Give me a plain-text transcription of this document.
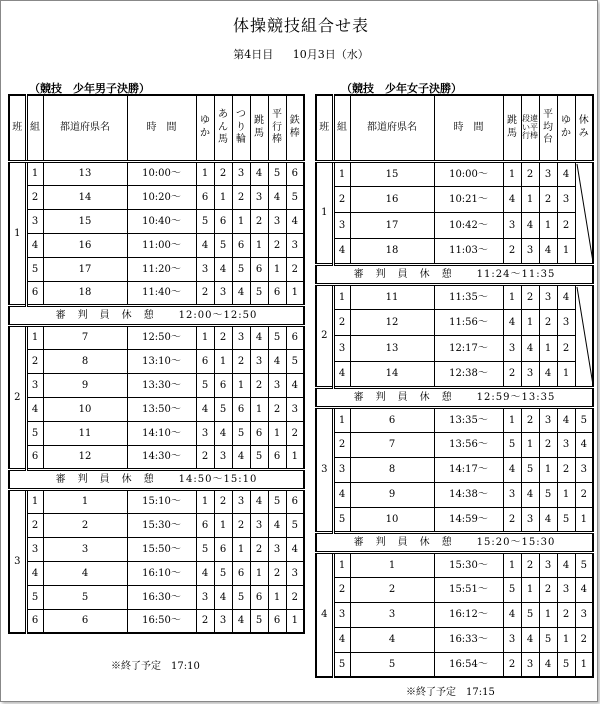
体操競技組合せ表
第4日目 10月3日（水）
（競技　少年男子決勝）	（競技　少年女子決勝）
班	組	都道府県名	時　間	ゆか	あん馬	つり輪	跳馬	平行棒	鉄棒
1	1	13	10:00〜	1	2	3	4	5	6
	2	14	10:20〜	6	1	2	3	4	5
	3	15	10:40〜	5	6	1	2	3	4
	4	16	11:00〜	4	5	6	1	2	3
	5	17	11:20〜	3	4	5	6	1	2
	6	18	11:40〜	2	3	4	5	6	1
審　判　員　休　憩 12:00〜12:50									
2	1	7	12:50〜	1	2	3	4	5	6
	2	8	13:10〜	6	1	2	3	4	5
	3	9	13:30〜	5	6	1	2	3	4
	4	10	13:50〜	4	5	6	1	2	3
	5	11	14:10〜	3	4	5	6	1	2
	6	12	14:30〜	2	3	4	5	6	1
審　判　員　休　憩 14:50〜15:10									
3	1	1	15:10〜	1	2	3	4	5	6
	2	2	15:30〜	6	1	2	3	4	5
	3	3	15:50〜	5	6	1	2	3	4
	4	4	16:10〜	4	5	6	1	2	3
	5	5	16:30〜	3	4	5	6	1	2
	6	6	16:50〜	2	3	4	5	6	1
班	組	都道府県名	時　間	跳馬	段違い平行棒	平均台	ゆか	休み
1	1	15	10:00〜	1	2	3	4	

	2	16	10:21〜	4	1	2	3	
	3	17	10:42〜	3	4	1	2	
	4	18	11:03〜	2	3	4	1	
審　判　員　休　憩 11:24〜11:35								
2	1	11	11:35〜	1	2	3	4	

	2	12	11:56〜	4	1	2	3	
	3	13	12:17〜	3	4	1	2	
	4	14	12:38〜	2	3	4	1	
審　判　員　休　憩 12:59〜13:35								
3	1	6	13:35〜	1	2	3	4	5
	2	7	13:56〜	5	1	2	3	4
	3	8	14:17〜	4	5	1	2	3
	4	9	14:38〜	3	4	5	1	2
	5	10	14:59〜	2	3	4	5	1
審　判　員　休　憩 15:20〜15:30								
4	1	1	15:30〜	1	2	3	4	5
	2	2	15:51〜	5	1	2	3	4
	3	3	16:12〜	4	5	1	2	3
	4	4	16:33〜	3	4	5	1	2
	5	5	16:54〜	2	3	4	5	1
※終了予定　17:10
※終了予定　17:15
